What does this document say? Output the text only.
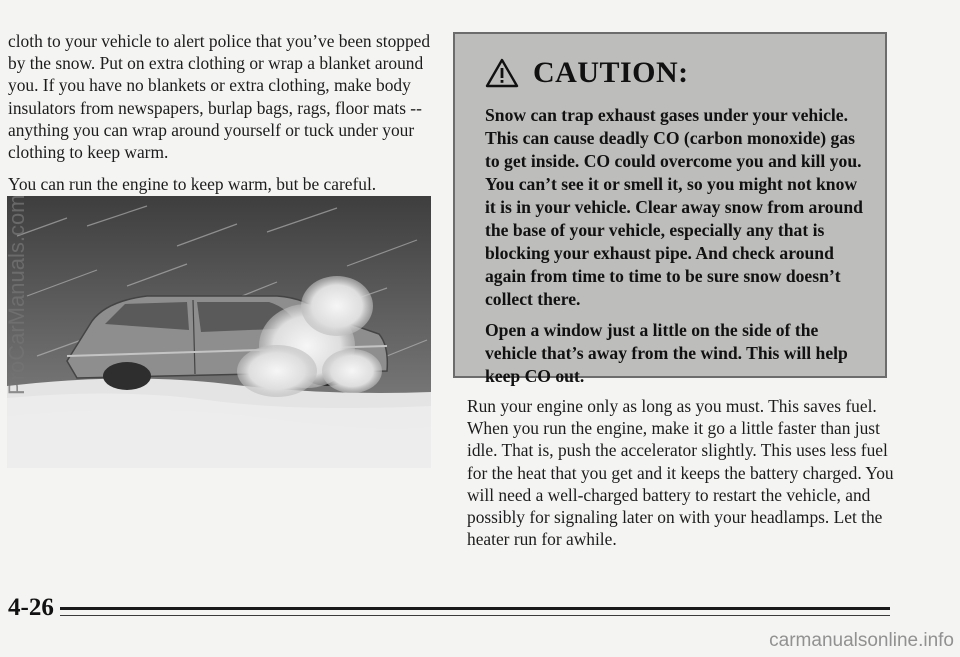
cloth to your vehicle to alert police that you’ve been stopped by the snow. Put on extra clothing or wrap a blanket around you. If you have no blankets or extra clothing, make body insulators from newspapers, burlap bags, rags, floor mats -- anything you can wrap around yourself or tuck under your clothing to keep warm.

You can run the engine to keep warm, but be careful.

ProCarManuals.com
CAUTION:

Snow can trap exhaust gases under your vehicle. This can cause deadly CO (carbon monoxide) gas to get inside. CO could overcome you and kill you. You can’t see it or smell it, so you might not know it is in your vehicle. Clear away snow from around the base of your vehicle, especially any that is blocking your exhaust pipe. And check around again from time to time to be sure snow doesn’t collect there.

Open a window just a little on the side of the vehicle that’s away from the wind. This will help keep CO out.

Run your engine only as long as you must. This saves fuel. When you run the engine, make it go a little faster than just idle. That is, push the accelerator slightly. This uses less fuel for the heat that you get and it keeps the battery charged. You will need a well-charged battery to restart the vehicle, and possibly for signaling later on with your headlamps. Let the heater run for awhile.

4-26
carmanualsonline.info
